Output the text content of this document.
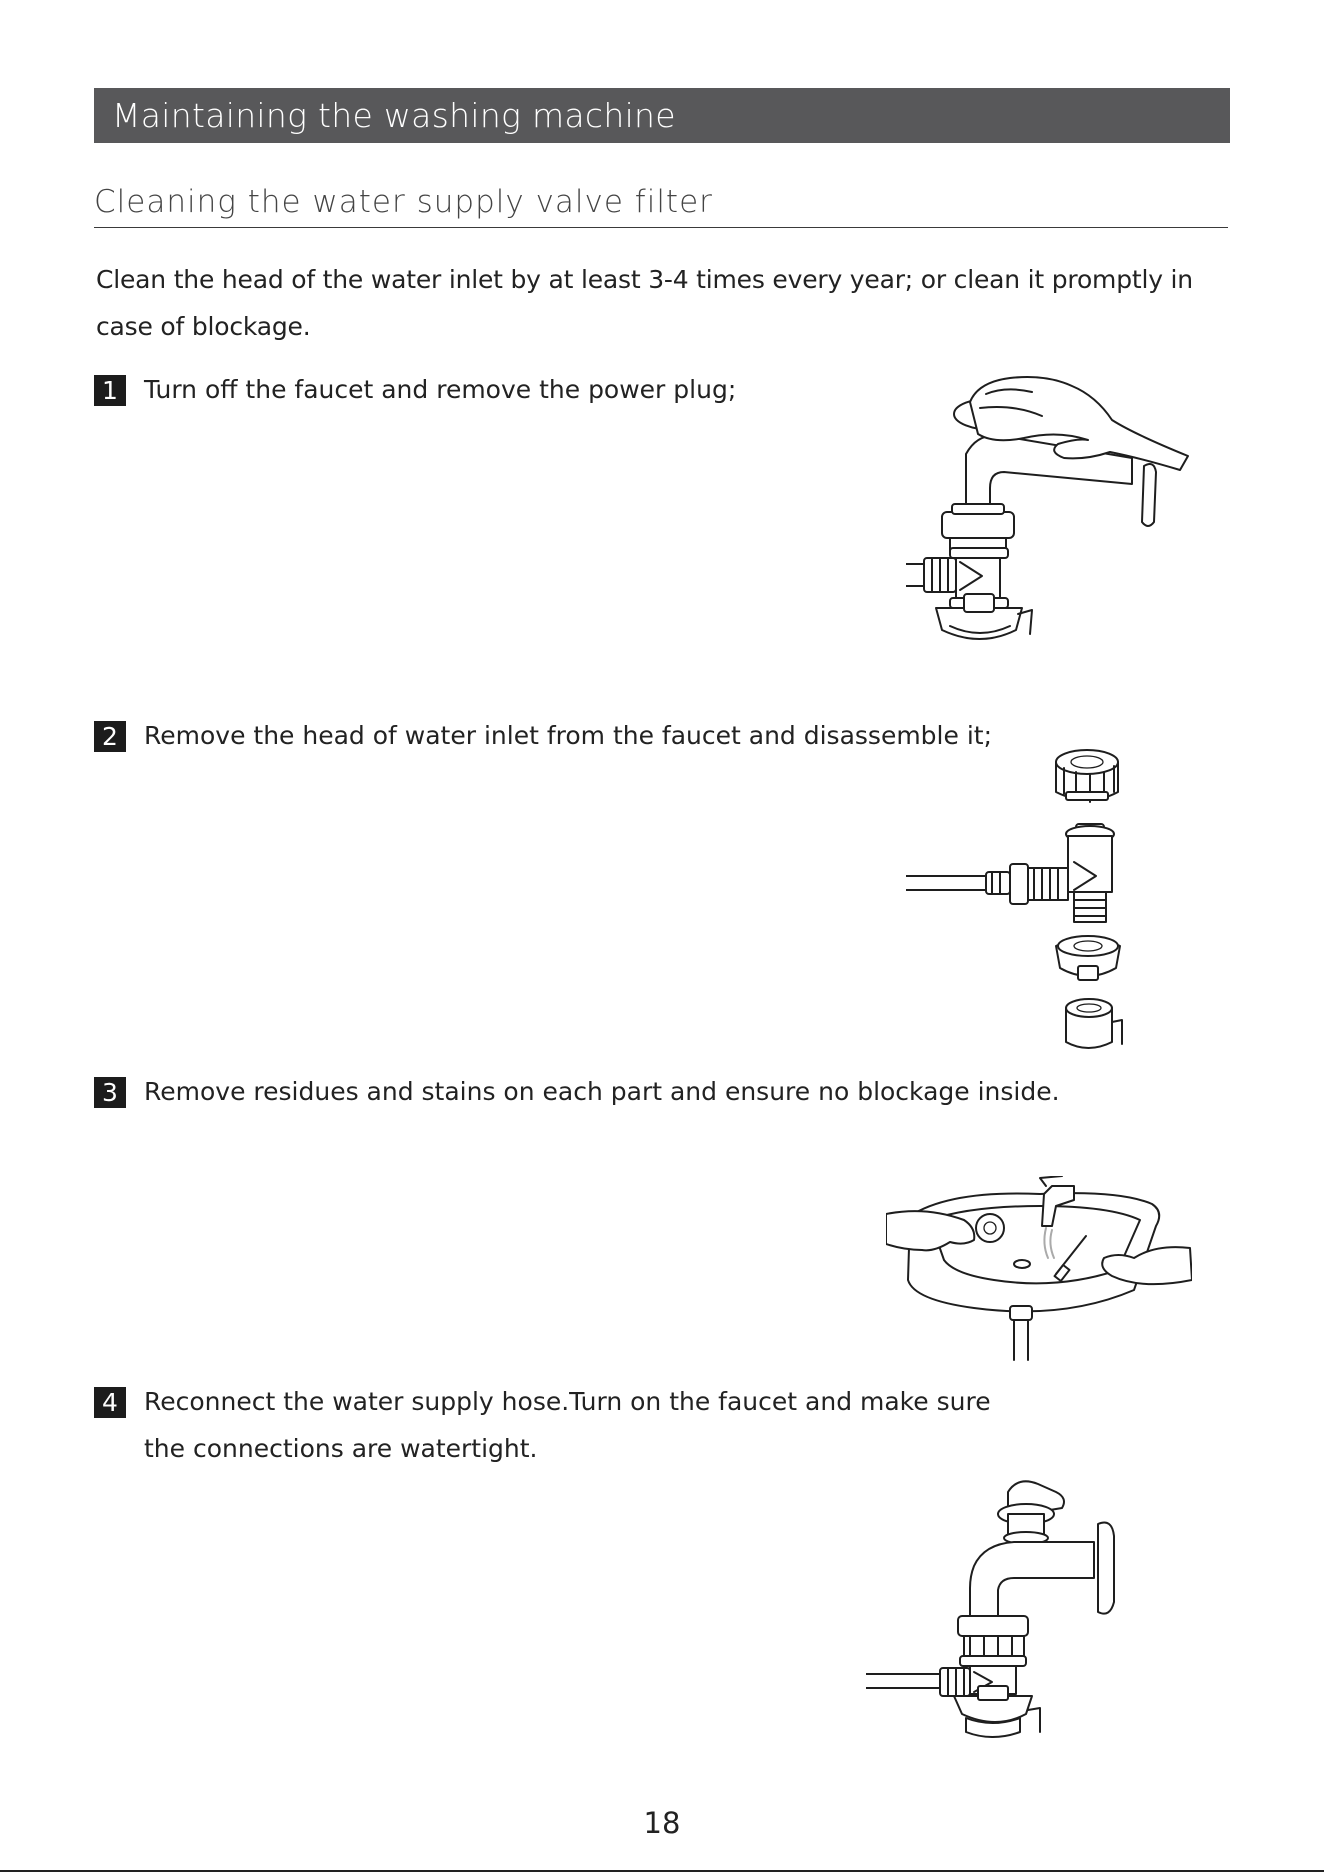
Maintaining the washing machine
Cleaning the water supply valve filter
Clean the head of the water inlet by at least 3-4 times every year; or clean it promptly in case of blockage.
1	Turn off the faucet and remove the power plug;
2	Remove the head of water inlet from the faucet and disassemble it;
3	Remove residues and stains on each part and ensure no blockage inside.
4	Reconnect the water supply hose.Turn on the faucet and make sure the connections are watertight.
18
